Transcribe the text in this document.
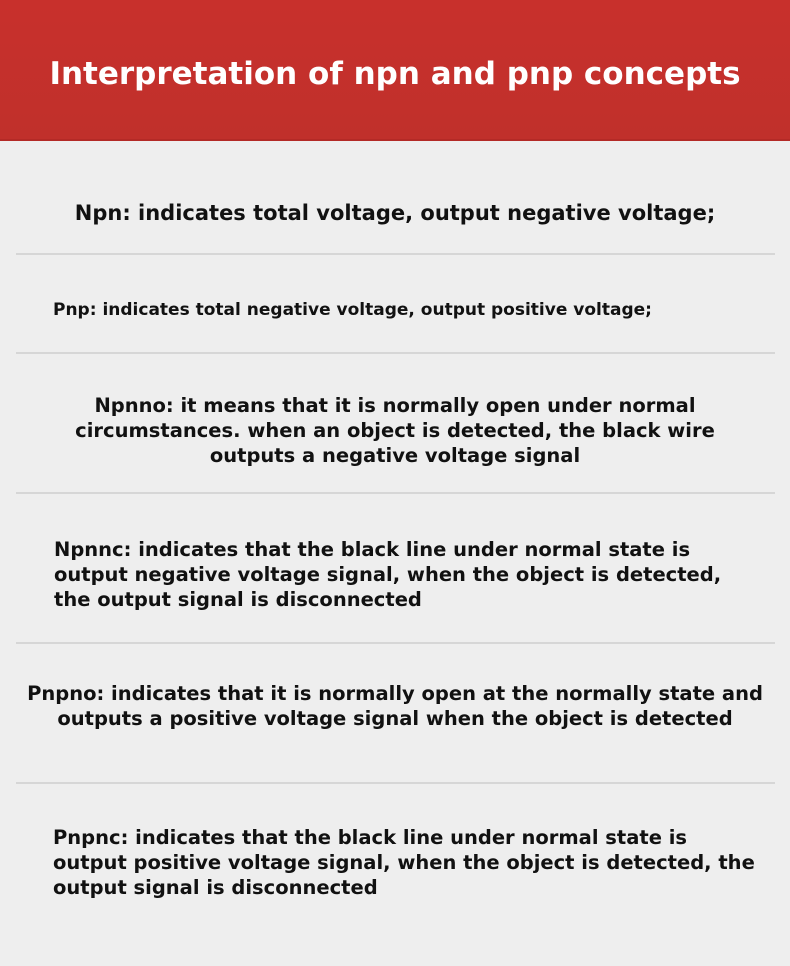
Interpretation of npn and pnp concepts
Npn: indicates total voltage, output negative voltage;
Pnp: indicates total negative voltage, output positive voltage;
Npnno: it means that it is normally open under normal circumstances. when an object is detected, the black wire outputs a negative voltage signal
Npnnc: indicates that the black line under normal state is output negative voltage signal, when the object is detected, the output signal is disconnected
Pnpno: indicates that it is normally open at the normally state and outputs a positive voltage signal when the object is detected
Pnpnc: indicates that the black line under normal state is output positive voltage signal, when the object is detected, the output signal is disconnected
